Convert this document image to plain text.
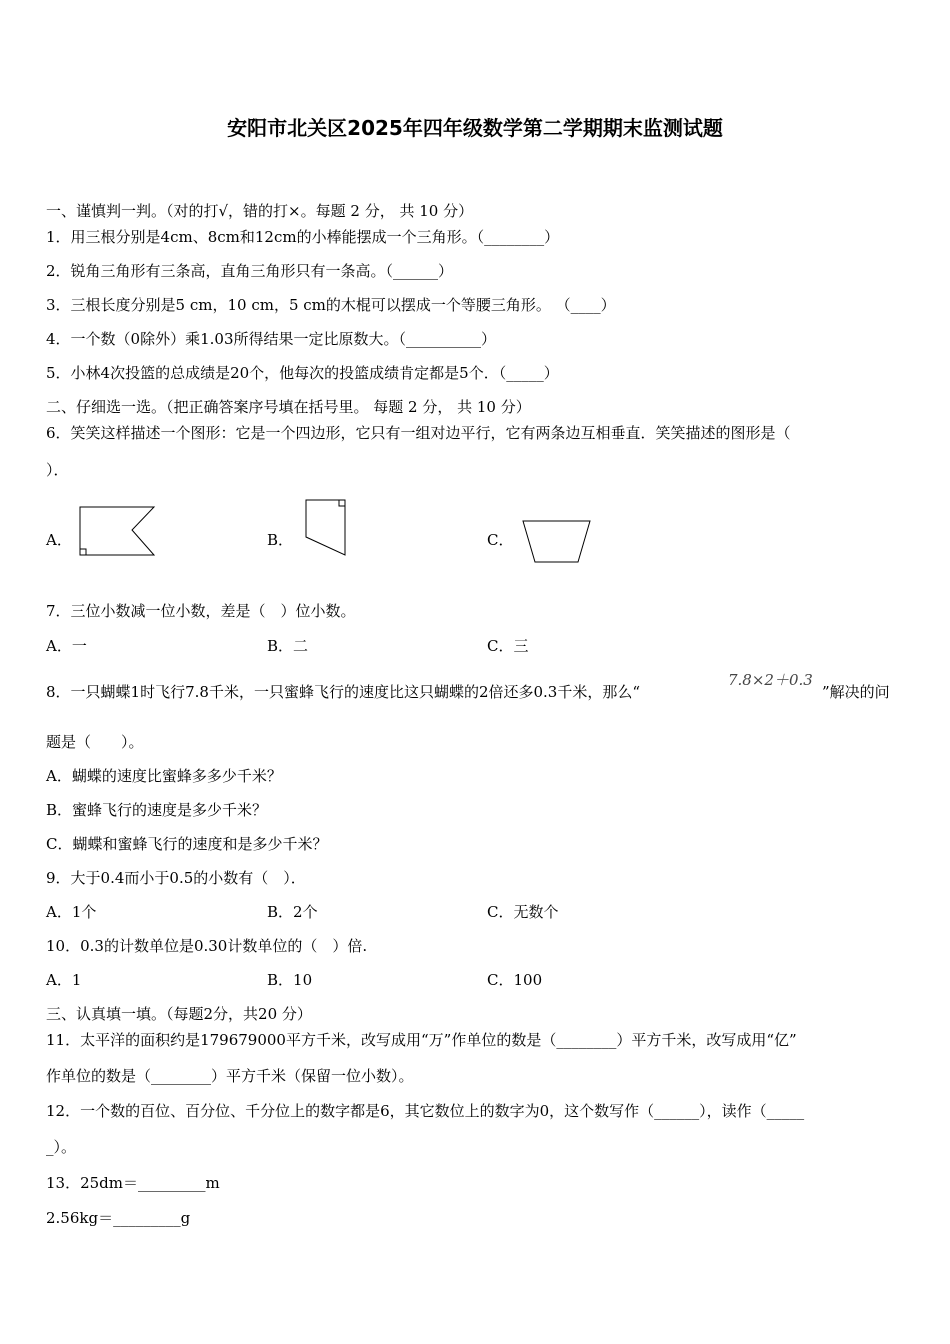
安阳市北关区2025年四年级数学第二学期期末监测试题
一、谨慎判一判。（对的打√，错的打×。每题 2 分， 共 10 分）
1．用三根分别是4cm、8cm和12cm的小棒能摆成一个三角形。（________）
2．锐角三角形有三条高，直角三角形只有一条高。（______）
3．三根长度分别是5 cm，10 cm，5 cm的木棍可以摆成一个等腰三角形。 （____）
4．一个数（0除外）乘1.03所得结果一定比原数大。（__________）
5．小林4次投篮的总成绩是20个，他每次的投篮成绩肯定都是5个．（_____）
二、仔细选一选。（把正确答案序号填在括号里。 每题 2 分， 共 10 分）
6．笑笑这样描述一个图形：它是一个四边形，它只有一组对边平行，它有两条边互相垂直．笑笑描述的图形是（
）．
A．	B．	C．
7．三位小数减一位小数，差是（　）位小数。
A．一	B．二	C．三
8．一只蝴蝶1时飞行7.8千米，一只蜜蜂飞行的速度比这只蝴蝶的2倍还多0.3千米，那么“
7.8×2＋0.3
”解决的问
题是（　　）。
A．蝴蝶的速度比蜜蜂多多少千米？
B．蜜蜂飞行的速度是多少千米？
C．蝴蝶和蜜蜂飞行的速度和是多少千米？
9．大于0.4而小于0.5的小数有（　）．
A．1个	B．2个	C．无数个
10．0.3的计数单位是0.30计数单位的（　）倍.
A．1	B．10	C．100
三、认真填一填。（每题2分，共20 分）
11．太平洋的面积约是179679000平方千米，改写成用“万”作单位的数是（________）平方千米，改写成用“亿”
作单位的数是（________）平方千米（保留一位小数）。
12．一个数的百位、百分位、千分位上的数字都是6，其它数位上的数字为0，这个数写作（______），读作（_____
_）。
13．25dm＝_________m
2.56kg＝_________g
